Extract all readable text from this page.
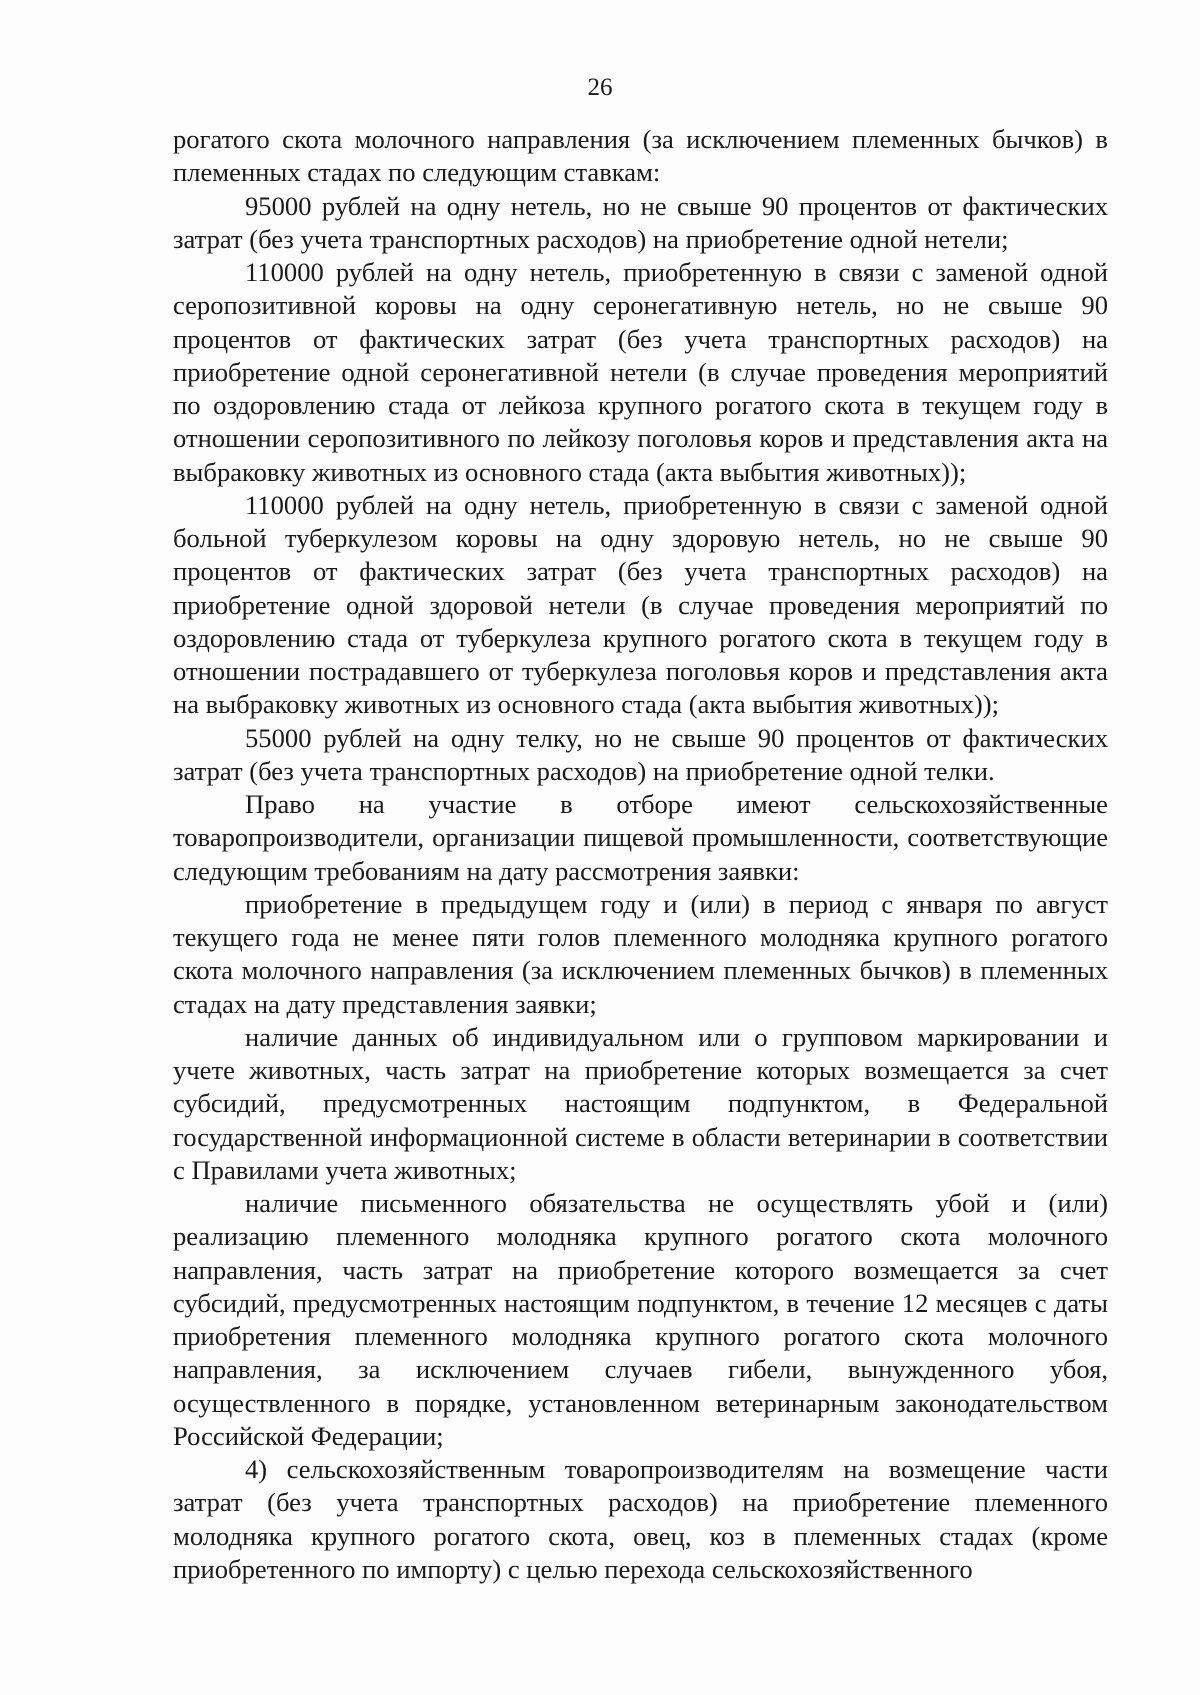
26

рогатого скота молочного направления (за исключением племенных бычков) в племенных стадах по следующим ставкам:

95000 рублей на одну нетель, но не свыше 90 процентов от фактических затрат (без учета транспортных расходов) на приобретение одной нетели;

110000 рублей на одну нетель, приобретенную в связи с заменой одной серопозитивной коровы на одну серонегативную нетель, но не свыше 90 процентов от фактических затрат (без учета транспортных расходов) на приобретение одной серонегативной нетели (в случае проведения мероприятий по оздоровлению стада от лейкоза крупного рогатого скота в текущем году в отношении серопозитивного по лейкозу поголовья коров и представления акта на выбраковку животных из основного стада (акта выбытия животных));

110000 рублей на одну нетель, приобретенную в связи с заменой одной больной туберкулезом коровы на одну здоровую нетель, но не свыше 90 процентов от фактических затрат (без учета транспортных расходов) на приобретение одной здоровой нетели (в случае проведения мероприятий по оздоровлению стада от туберкулеза крупного рогатого скота в текущем году в отношении пострадавшего от туберкулеза поголовья коров и представления акта на выбраковку животных из основного стада (акта выбытия животных));

55000 рублей на одну телку, но не свыше 90 процентов от фактических затрат (без учета транспортных расходов) на приобретение одной телки.

Право на участие в отборе имеют сельскохозяйственные товаропроизводители, организации пищевой промышленности, соответствующие следующим требованиям на дату рассмотрения заявки:

приобретение в предыдущем году и (или) в период с января по август текущего года не менее пяти голов племенного молодняка крупного рогатого скота молочного направления (за исключением племенных бычков) в племенных стадах на дату представления заявки;

наличие данных об индивидуальном или о групповом маркировании и учете животных, часть затрат на приобретение которых возмещается за счет субсидий, предусмотренных настоящим подпунктом, в Федеральной государственной информационной системе в области ветеринарии в соответствии с Правилами учета животных;

наличие письменного обязательства не осуществлять убой и (или) реализацию племенного молодняка крупного рогатого скота молочного направления, часть затрат на приобретение которого возмещается за счет субсидий, предусмотренных настоящим подпунктом, в течение 12 месяцев с даты приобретения племенного молодняка крупного рогатого скота молочного направления, за исключением случаев гибели, вынужденного убоя, осуществленного в порядке, установленном ветеринарным законодательством Российской Федерации;

4) сельскохозяйственным товаропроизводителям на возмещение части затрат (без учета транспортных расходов) на приобретение племенного молодняка крупного рогатого скота, овец, коз в племенных стадах (кроме приобретенного по импорту) с целью перехода сельскохозяйственного
